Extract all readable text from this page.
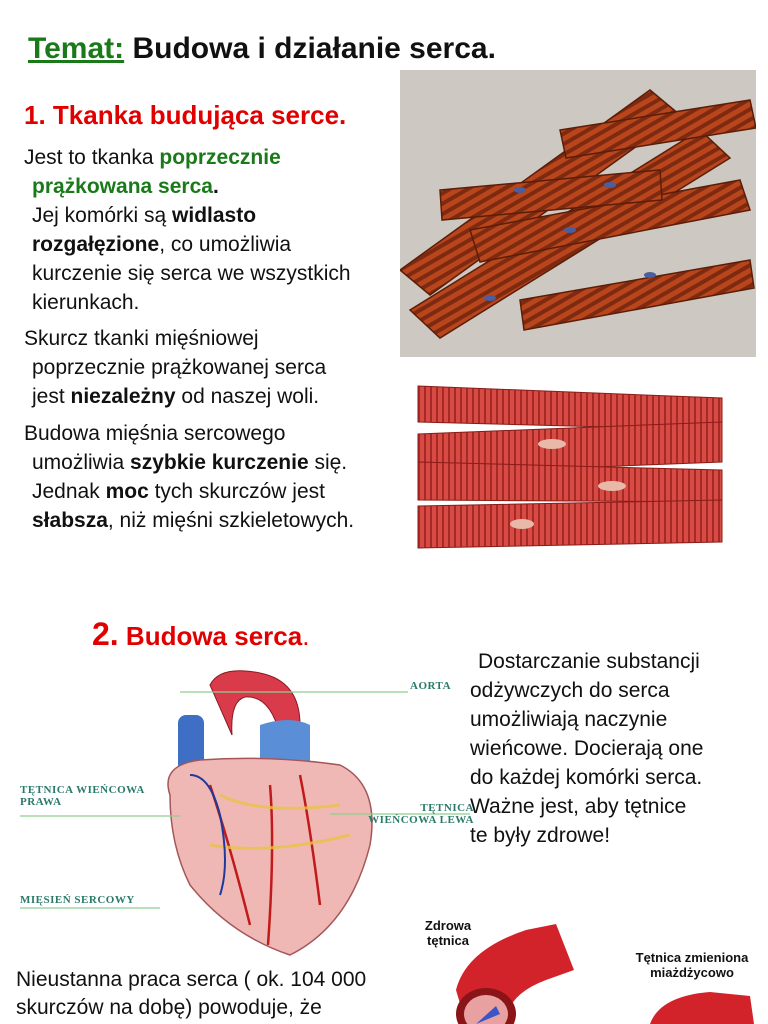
Temat: Budowa i działanie serca.
1. Tkanka budująca serce.
Jest to tkanka poprzecznie
prążkowana serca.
Jej komórki są widlasto
rozgałęzione, co umożliwia
kurczenie się serca we wszystkich
kierunkach.
Skurcz tkanki mięśniowej
poprzecznie prążkowanej serca
jest niezależny od naszej woli.
Budowa mięśnia sercowego
umożliwia szybkie kurczenie się.
Jednak moc tych skurczów jest
słabsza, niż mięśni szkieletowych.
2. Budowa serca.
AORTA
TĘTNICA WIEŃCOWA
PRAWA	TĘTNICA
WIEŃCOWA LEWA
MIĘSIEŃ SERCOWY
Dostarczanie substancji
odżywczych do serca
umożliwiają naczynie
wieńcowe. Docierają one
do każdej komórki serca.
Ważne jest, aby tętnice
te były zdrowe!
Nieustanna praca serca ( ok. 104 000
skurczów na dobę) powoduje, że
Zdrowa
tętnica
Tętnica zmieniona
miażdżycowo
